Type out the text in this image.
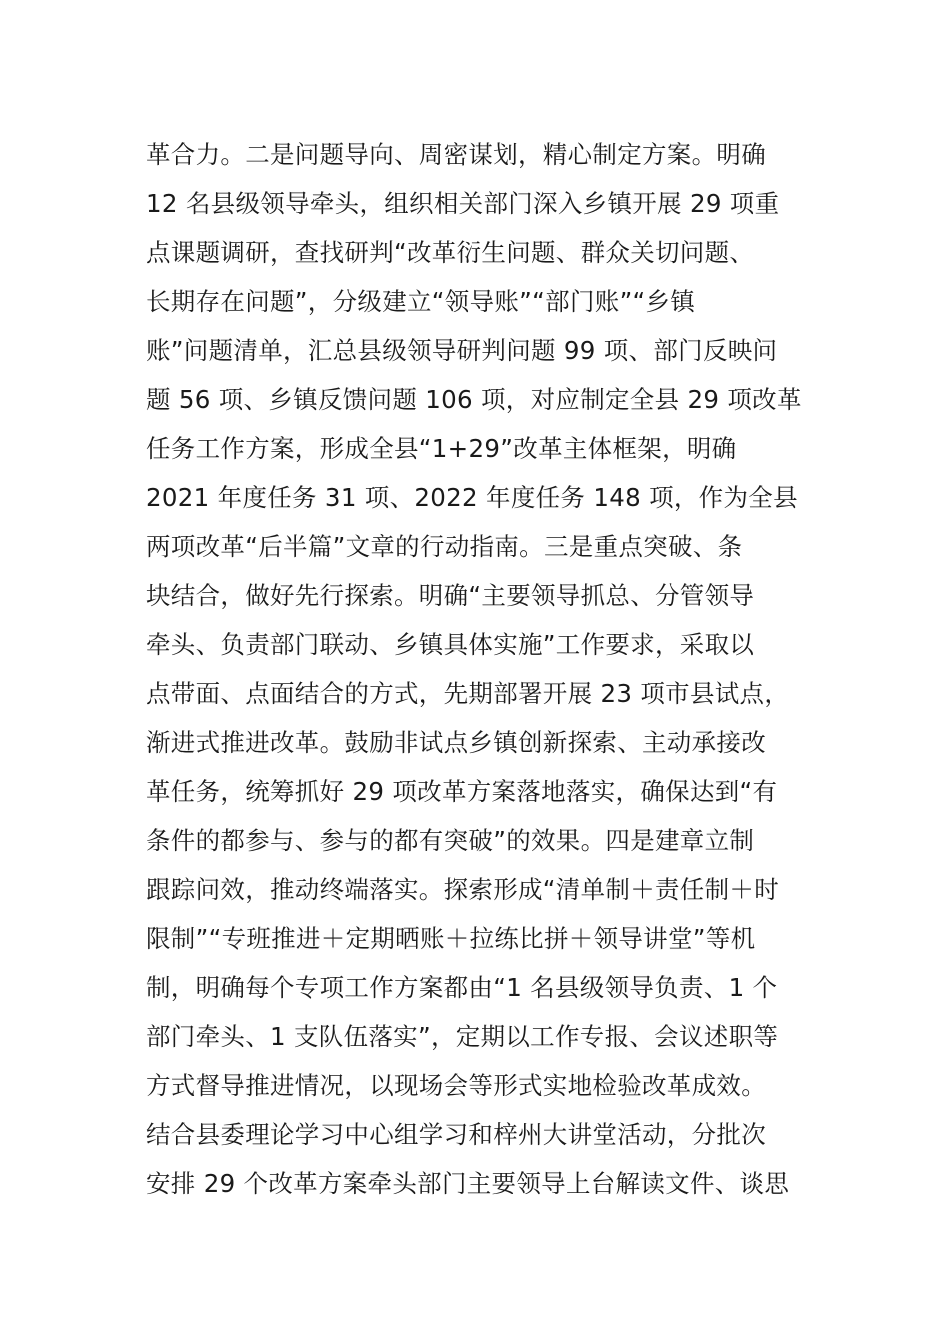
革合力。二是问题导向、周密谋划，精心制定方案。明确
12 名县级领导牵头，组织相关部门深入乡镇开展 29 项重
点课题调研，查找研判“改革衍生问题、群众关切问题、
长期存在问题”，分级建立“领导账”“部门账”“乡镇
账”问题清单，汇总县级领导研判问题 99 项、部门反映问
题 56 项、乡镇反馈问题 106 项，对应制定全县 29 项改革
任务工作方案，形成全县“1+29”改革主体框架，明确
2021 年度任务 31 项、2022 年度任务 148 项，作为全县
两项改革“后半篇”文章的行动指南。三是重点突破、条
块结合，做好先行探索。明确“主要领导抓总、分管领导
牵头、负责部门联动、乡镇具体实施”工作要求，采取以
点带面、点面结合的方式，先期部署开展 23 项市县试点，
渐进式推进改革。鼓励非试点乡镇创新探索、主动承接改
革任务，统筹抓好 29 项改革方案落地落实，确保达到“有
条件的都参与、参与的都有突破”的效果。四是建章立制
跟踪问效，推动终端落实。探索形成“清单制＋责任制＋时
限制”“专班推进＋定期晒账＋拉练比拼＋领导讲堂”等机
制，明确每个专项工作方案都由“1 名县级领导负责、1 个
部门牵头、1 支队伍落实”，定期以工作专报、会议述职等
方式督导推进情况，以现场会等形式实地检验改革成效。
结合县委理论学习中心组学习和梓州大讲堂活动，分批次
安排 29 个改革方案牵头部门主要领导上台解读文件、谈思
